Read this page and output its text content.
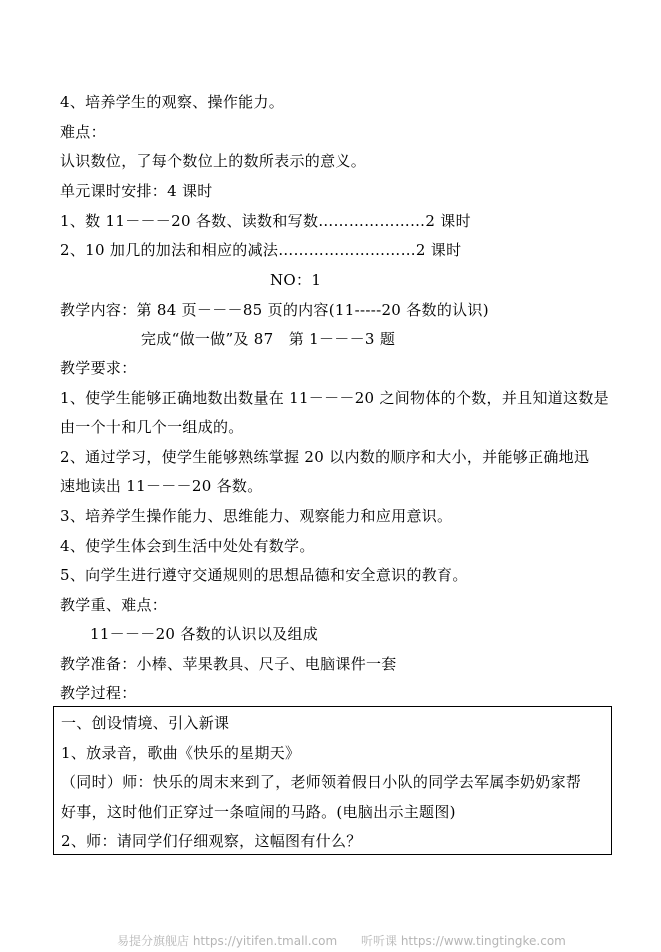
4、培养学生的观察、操作能力。
难点：
认识数位，了每个数位上的数所表示的意义。
单元课时安排：4 课时
1、数 11－－－20 各数、读数和写数…………………2 课时
2、10 加几的加法和相应的减法………………………2 课时
NO：1
教学内容：第 84 页－－－85 页的内容(11-----20 各数的认识)
完成“做一做”及 87　第 1－－－3 题
教学要求：
1、使学生能够正确地数出数量在 11－－－20 之间物体的个数，并且知道这数是
由一个十和几个一组成的。
2、通过学习，使学生能够熟练掌握 20 以内数的顺序和大小，并能够正确地迅
速地读出 11－－－20 各数。
3、培养学生操作能力、思维能力、观察能力和应用意识。
4、使学生体会到生活中处处有数学。
5、向学生进行遵守交通规则的思想品德和安全意识的教育。
教学重、难点：
11－－－20 各数的认识以及组成
教学准备：小棒、苹果教具、尺子、电脑课件一套
教学过程：
一、创设情境、引入新课
1、放录音，歌曲《快乐的星期天》
（同时）师：快乐的周末来到了，老师领着假日小队的同学去军属李奶奶家帮
好事，这时他们正穿过一条喧闹的马路。(电脑出示主题图)
2、师：请同学们仔细观察，这幅图有什么？
易提分旗舰店 https://yitifen.tmall.com 听听课 https://www.tingtingke.com
